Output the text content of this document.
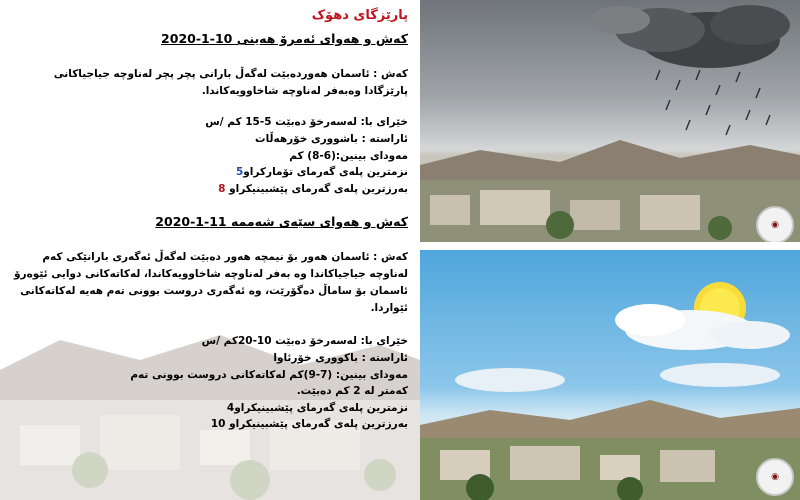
◉
◉
پارێزگای دهۆک
کەش و هەوای ئەمرۆ هەینی 10-1-2020
کەش : ئاسمان هەوردەبێت لەگەڵ بارانی پچر پچر لەناوچە جیاجیاکانی
پارێزگادا وەبەفر لەناوچە شاخاوویەکاندا.
خێرای با: لەسەرخۆ دەبێت 5-15 کم /س
ئاراستە : باشووری خۆرهەڵات
مەودای بینین:(6-8) کم
نزمترین پلەی گەرمای تۆمارکراو5
بەرزترین پلەی گەرمای پێشبینیکراو 8
کەش و هەوای سێەی شەممە 11-1-2020
کەش : ئاسمان هەور بۆ نیمچە هەور دەبێت لەگەڵ ئەگەری بارانێکی کەم
لەناوچە جیاجیاکاندا وە بەفر لەناوچە شاخاوویەکاندا، لەکاتەکانی دوایی ئێوەرۆ
ئاسمان بۆ ساماڵ دەگۆرێت، وە ئەگەری دروست بوونی تەم هەیە لەکاتەکانی
ئێواردا.
خێرای با: لەسەرخۆ دەبێت 10-20کم /س
ئاراستە : باکووری خۆرئاوا
مەودای بینین: (7-9)کم لەکاتەکانی دروست بوونی تەم
کەمتر لە 2 کم دەبێت.
نزمترین پلەی گەرمای پێشبینیکراو4
بەرزترین پلەی گەرمای پێشبینیکراو 10
